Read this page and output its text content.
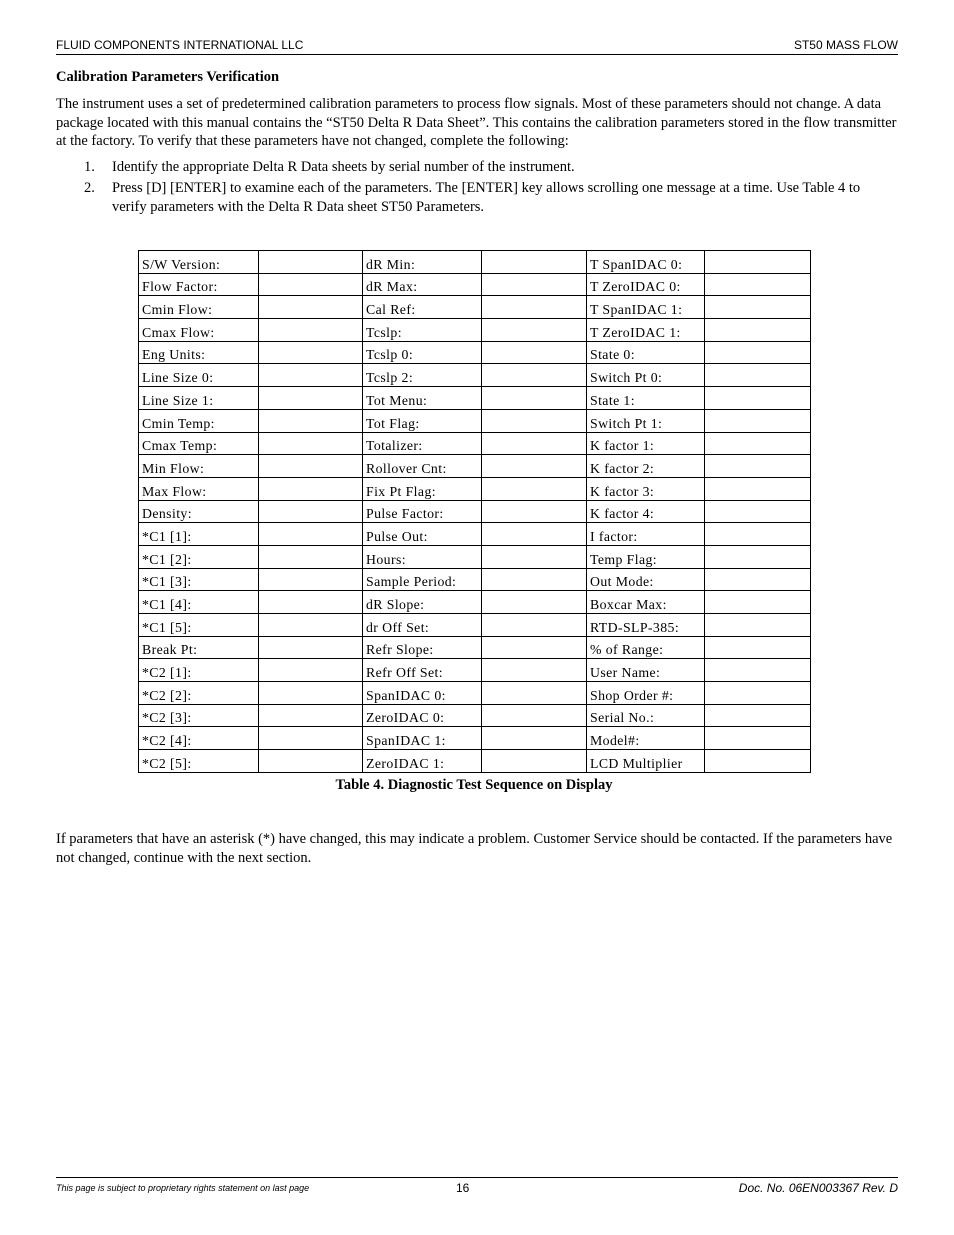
FLUID COMPONENTS INTERNATIONAL LLC	ST50 MASS FLOW
Calibration Parameters Verification
The instrument uses a set of predetermined calibration parameters to process flow signals. Most of these parameters should not change. A data package located with this manual contains the “ST50 Delta R Data Sheet”. This contains the calibration parameters stored in the flow transmitter at the factory. To verify that these parameters have not changed, complete the following:
1. Identify the appropriate Delta R Data sheets by serial number of the instrument.
2. Press [D] [ENTER] to examine each of the parameters. The [ENTER] key allows scrolling one message at a time. Use Table 4 to verify parameters with the Delta R Data sheet ST50 Parameters.
S/W Version:		dR Min:		T SpanIDAC 0:	
Flow Factor:		dR Max:		T ZeroIDAC 0:	
Cmin Flow:		Cal Ref:		T SpanIDAC 1:	
Cmax Flow:		Tcslp:		T ZeroIDAC 1:	
Eng Units:		Tcslp 0:		State 0:	
Line Size 0:		Tcslp 2:		Switch Pt 0:	
Line Size 1:		Tot Menu:		State 1:	
Cmin Temp:		Tot Flag:		Switch Pt 1:	
Cmax Temp:		Totalizer:		K factor 1:	
Min Flow:		Rollover Cnt:		K factor 2:	
Max Flow:		Fix Pt Flag:		K factor 3:	
Density:		Pulse Factor:		K factor 4:	
*C1 [1]:		Pulse Out:		I factor:	
*C1 [2]:		Hours:		Temp Flag:	
*C1 [3]:		Sample Period:		Out Mode:	
*C1 [4]:		dR Slope:		Boxcar Max:	
*C1 [5]:		dr Off Set:		RTD-SLP-385:	
Break Pt:		Refr Slope:		% of Range:	
*C2 [1]:		Refr Off Set:		User Name:	
*C2 [2]:		SpanIDAC 0:		Shop Order #:	
*C2 [3]:		ZeroIDAC 0:		Serial No.:	
*C2 [4]:		SpanIDAC 1:		Model#:	
*C2 [5]:		ZeroIDAC 1:		LCD Multiplier	
Table 4. Diagnostic Test Sequence on Display
If parameters that have an asterisk (*) have changed, this may indicate a problem. Customer Service should be contacted. If the parameters have not changed, continue with the next section.
This page is subject to proprietary rights statement on last page	16	Doc. No. 06EN003367 Rev. D
